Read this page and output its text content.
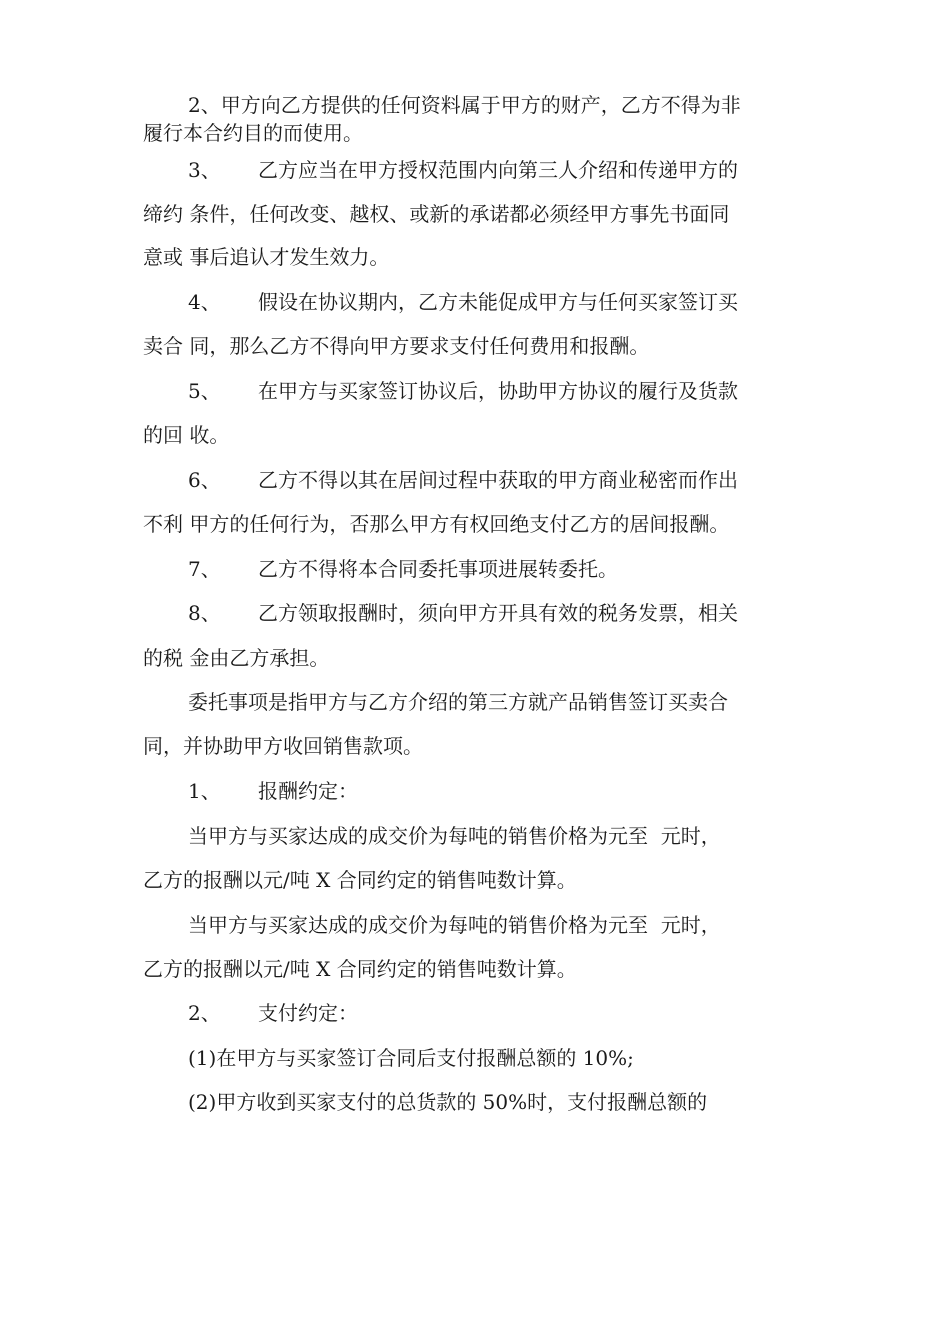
2、甲方向乙方提供的任何资料属于甲方的财产，乙方不得为非
履行本合约目的而使用。
3、 乙方应当在甲方授权范围内向第三人介绍和传递甲方的
缔约 条件，任何改变、越权、或新的承诺都必须经甲方事先书面同
意或 事后追认才发生效力。
4、 假设在协议期内，乙方未能促成甲方与任何买家签订买
卖合 同，那么乙方不得向甲方要求支付任何费用和报酬。
5、 在甲方与买家签订协议后，协助甲方协议的履行及货款
的回 收。
6、 乙方不得以其在居间过程中获取的甲方商业秘密而作出
不利 甲方的任何行为，否那么甲方有权回绝支付乙方的居间报酬。
7、 乙方不得将本合同委托事项进展转委托。
8、 乙方领取报酬时，须向甲方开具有效的税务发票，相关
的税 金由乙方承担。
委托事项是指甲方与乙方介绍的第三方就产品销售签订买卖合
同，并协助甲方收回销售款项。
1、 报酬约定：
当甲方与买家达成的成交价为每吨的销售价格为元至  元时，
乙方的报酬以元/吨 X 合同约定的销售吨数计算。
当甲方与买家达成的成交价为每吨的销售价格为元至  元时，
乙方的报酬以元/吨 X 合同约定的销售吨数计算。
2、 支付约定：
(1)在甲方与买家签订合同后支付报酬总额的 10%;
(2)甲方收到买家支付的总货款的 50%时，支付报酬总额的
